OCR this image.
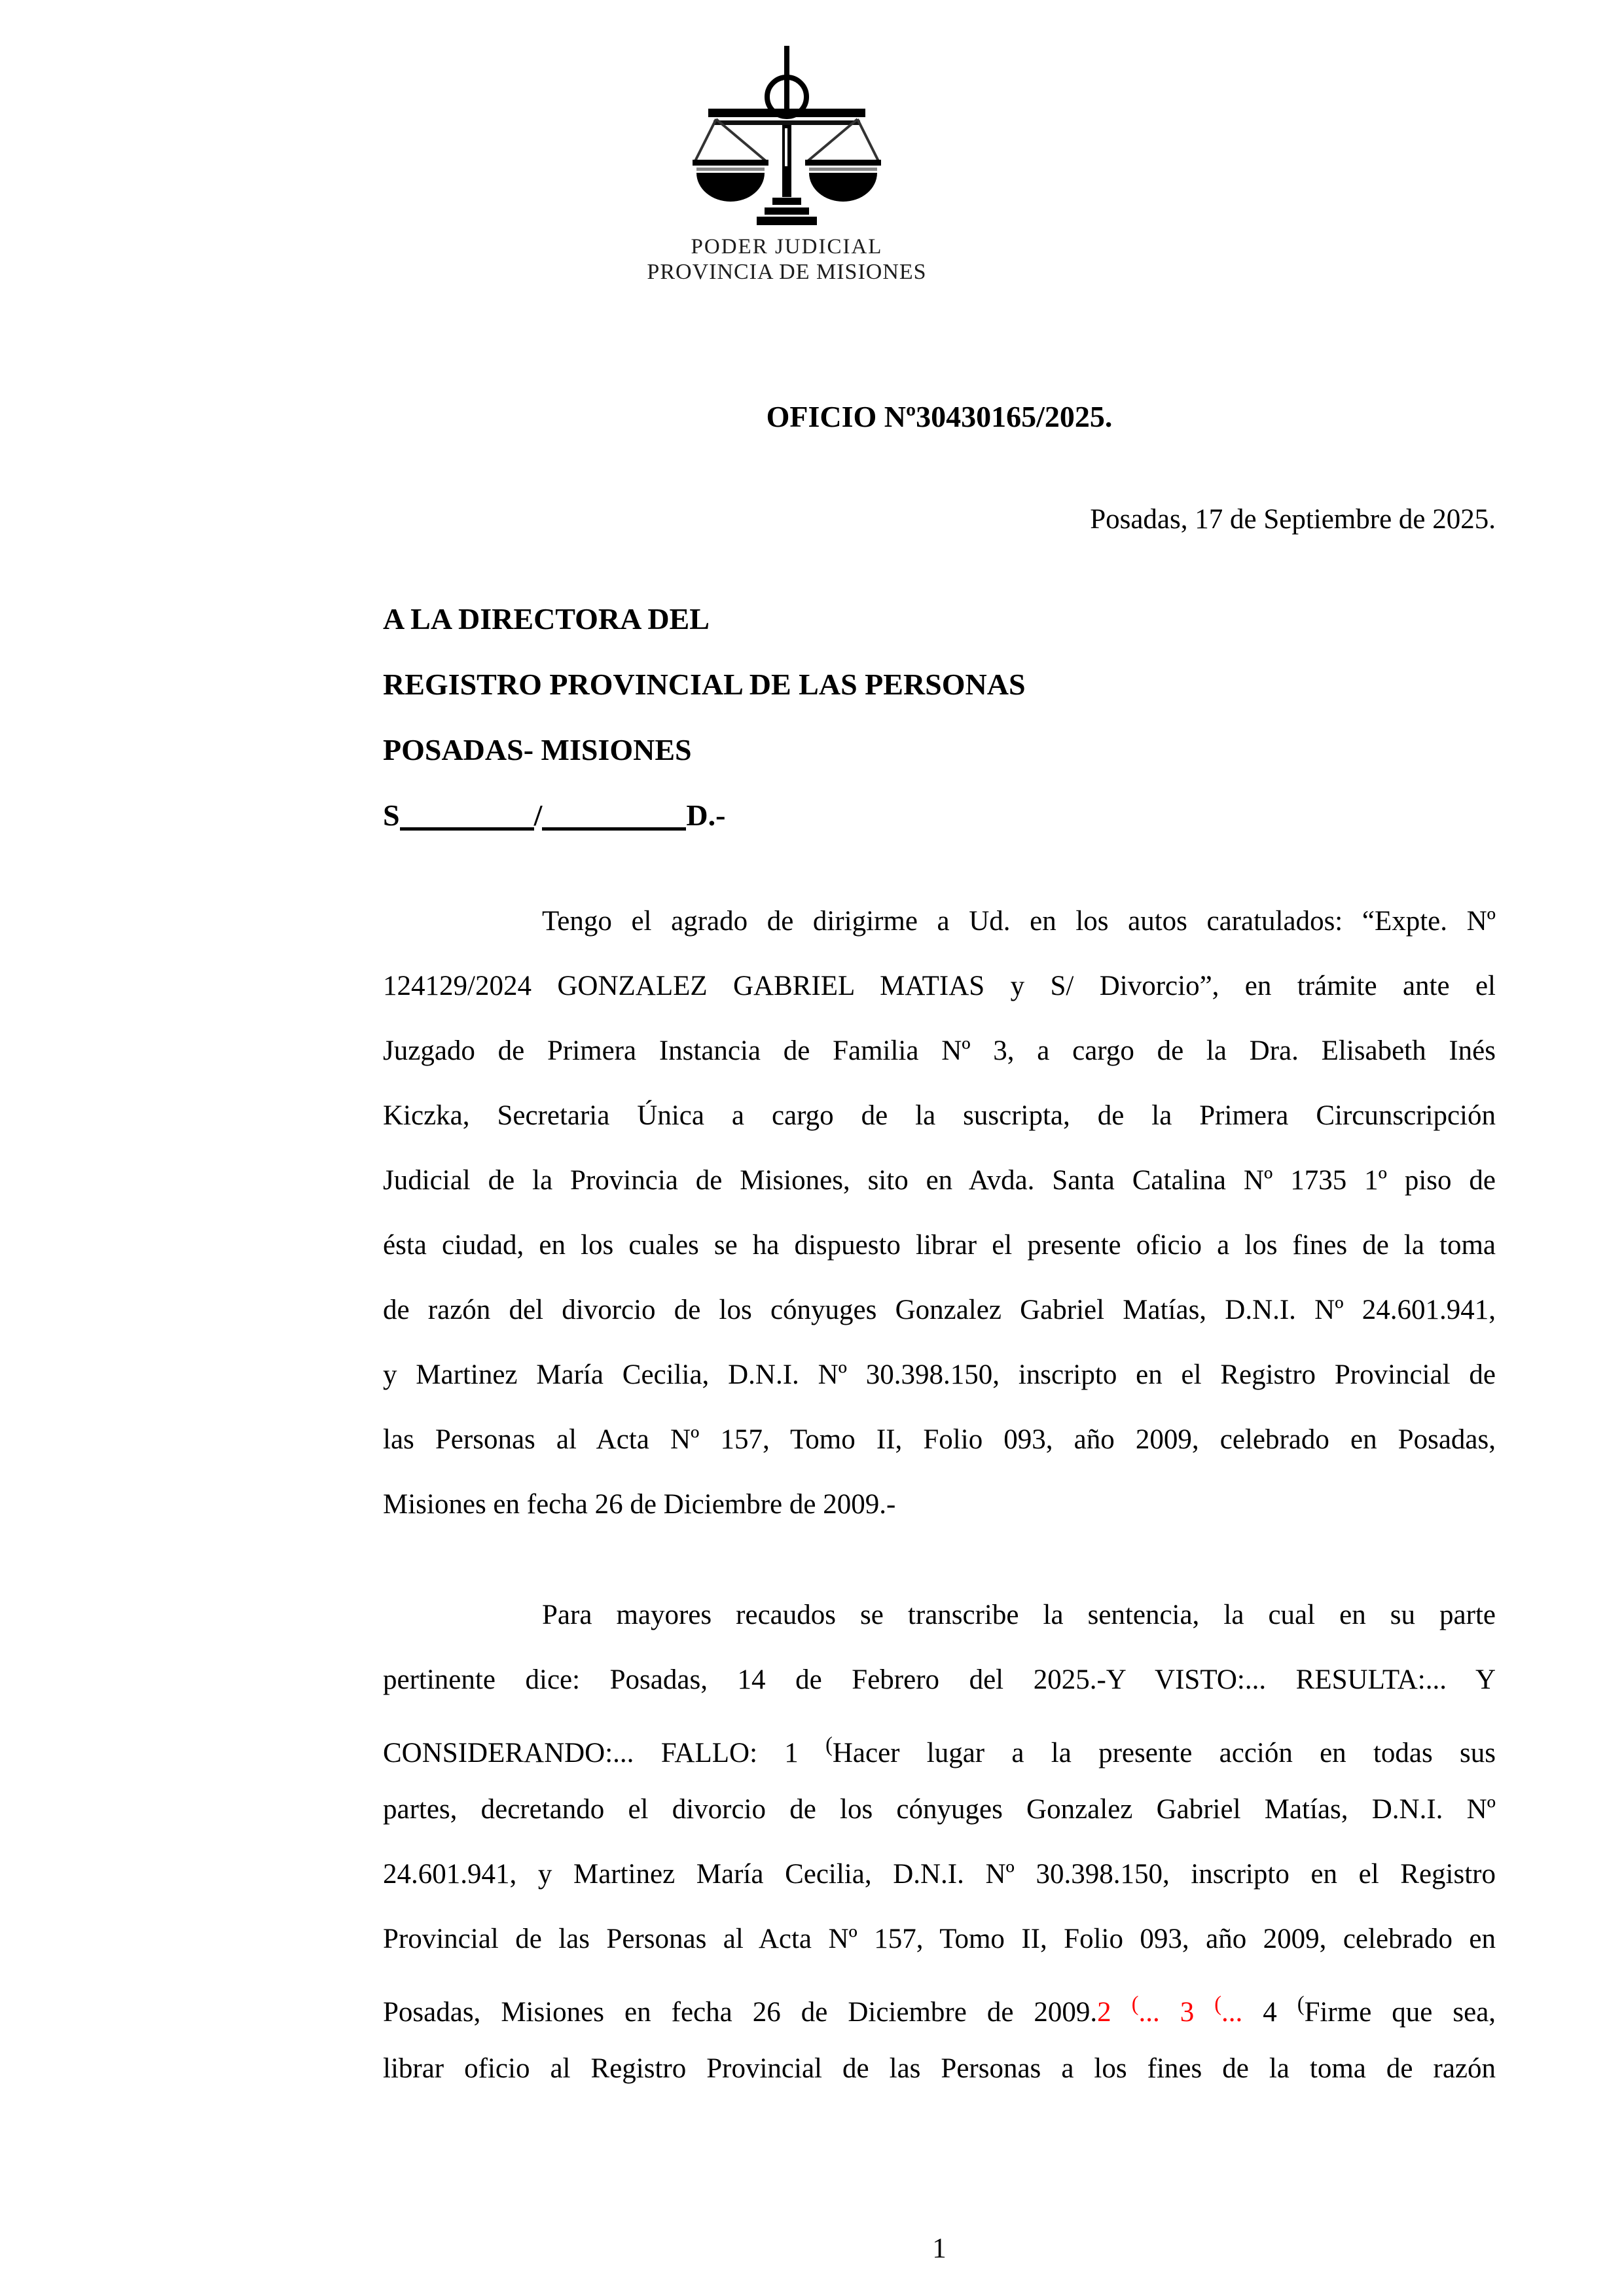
PODER JUDICIAL
PROVINCIA DE MISIONES
OFICIO Nº30430165/2025.
Posadas, 17 de Septiembre de 2025.
A LA DIRECTORA DEL
REGISTRO PROVINCIAL DE LAS PERSONAS
POSADAS- MISIONES
S	/	D.-
Tengo el agrado de dirigirme a Ud. en los autos caratulados: “Expte. Nº
124129/2024 GONZALEZ GABRIEL MATIAS y S/ Divorcio”, en trámite ante el
Juzgado de Primera Instancia de Familia Nº 3, a cargo de la Dra. Elisabeth Inés
Kiczka, Secretaria Única a cargo de la suscripta, de la Primera Circunscripción
Judicial de la Provincia de Misiones, sito en Avda. Santa Catalina Nº 1735 1º piso de
ésta ciudad, en los cuales se ha dispuesto librar el presente oficio a los fines de la toma
de razón del divorcio de los cónyuges Gonzalez Gabriel Matías, D.N.I. Nº 24.601.941,
y Martinez María Cecilia, D.N.I. Nº 30.398.150, inscripto en el Registro Provincial de
las Personas al Acta Nº 157, Tomo II, Folio 093, año 2009, celebrado en Posadas,
Misiones en fecha 26 de Diciembre de 2009.-
Para mayores recaudos se transcribe la sentencia, la cual en su parte
pertinente dice: Posadas, 14 de Febrero del 2025.-Y VISTO:... RESULTA:... Y
CONSIDERANDO:... FALLO: 1 (Hacer lugar a la presente acción en todas sus
partes, decretando el divorcio de los cónyuges Gonzalez Gabriel Matías, D.N.I. Nº
24.601.941, y Martinez María Cecilia, D.N.I. Nº 30.398.150, inscripto en el Registro
Provincial de las Personas al Acta Nº 157, Tomo II, Folio 093, año 2009, celebrado en
Posadas, Misiones en fecha 26 de Diciembre de 2009.2 (... 3 (... 4 (Firme que sea,
librar oficio al Registro Provincial de las Personas a los fines de la toma de razón
1
